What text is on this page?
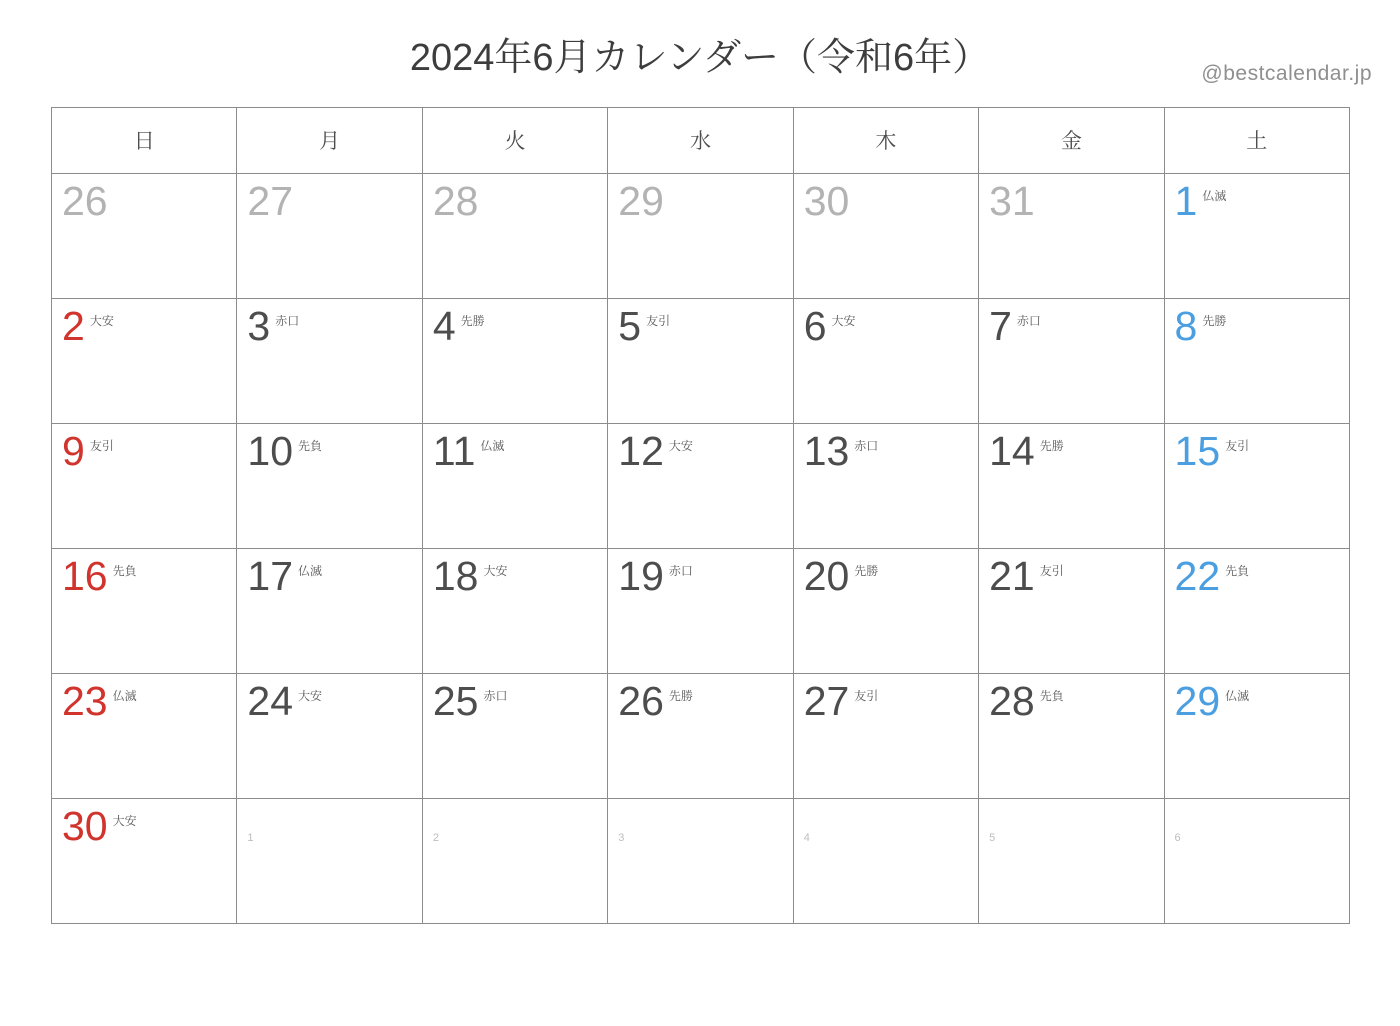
@bestcalendar.jp
2024年6月カレンダー（令和6年）
日	月	火	水	木	金	土

26	27	28	29	30	31	1 仏滅

2 大安	3 赤口	4 先勝	5 友引	6 大安	7 赤口	8 先勝

9 友引	10 先負	11 仏滅	12 大安	13 赤口	14 先勝	15 友引

16 先負	17 仏滅	18 大安	19 赤口	20 先勝	21 友引	22 先負

23 仏滅	24 大安	25 赤口	26 先勝	27 友引	28 先負	29 仏滅

30 大安	1	2	3	4	5	6
